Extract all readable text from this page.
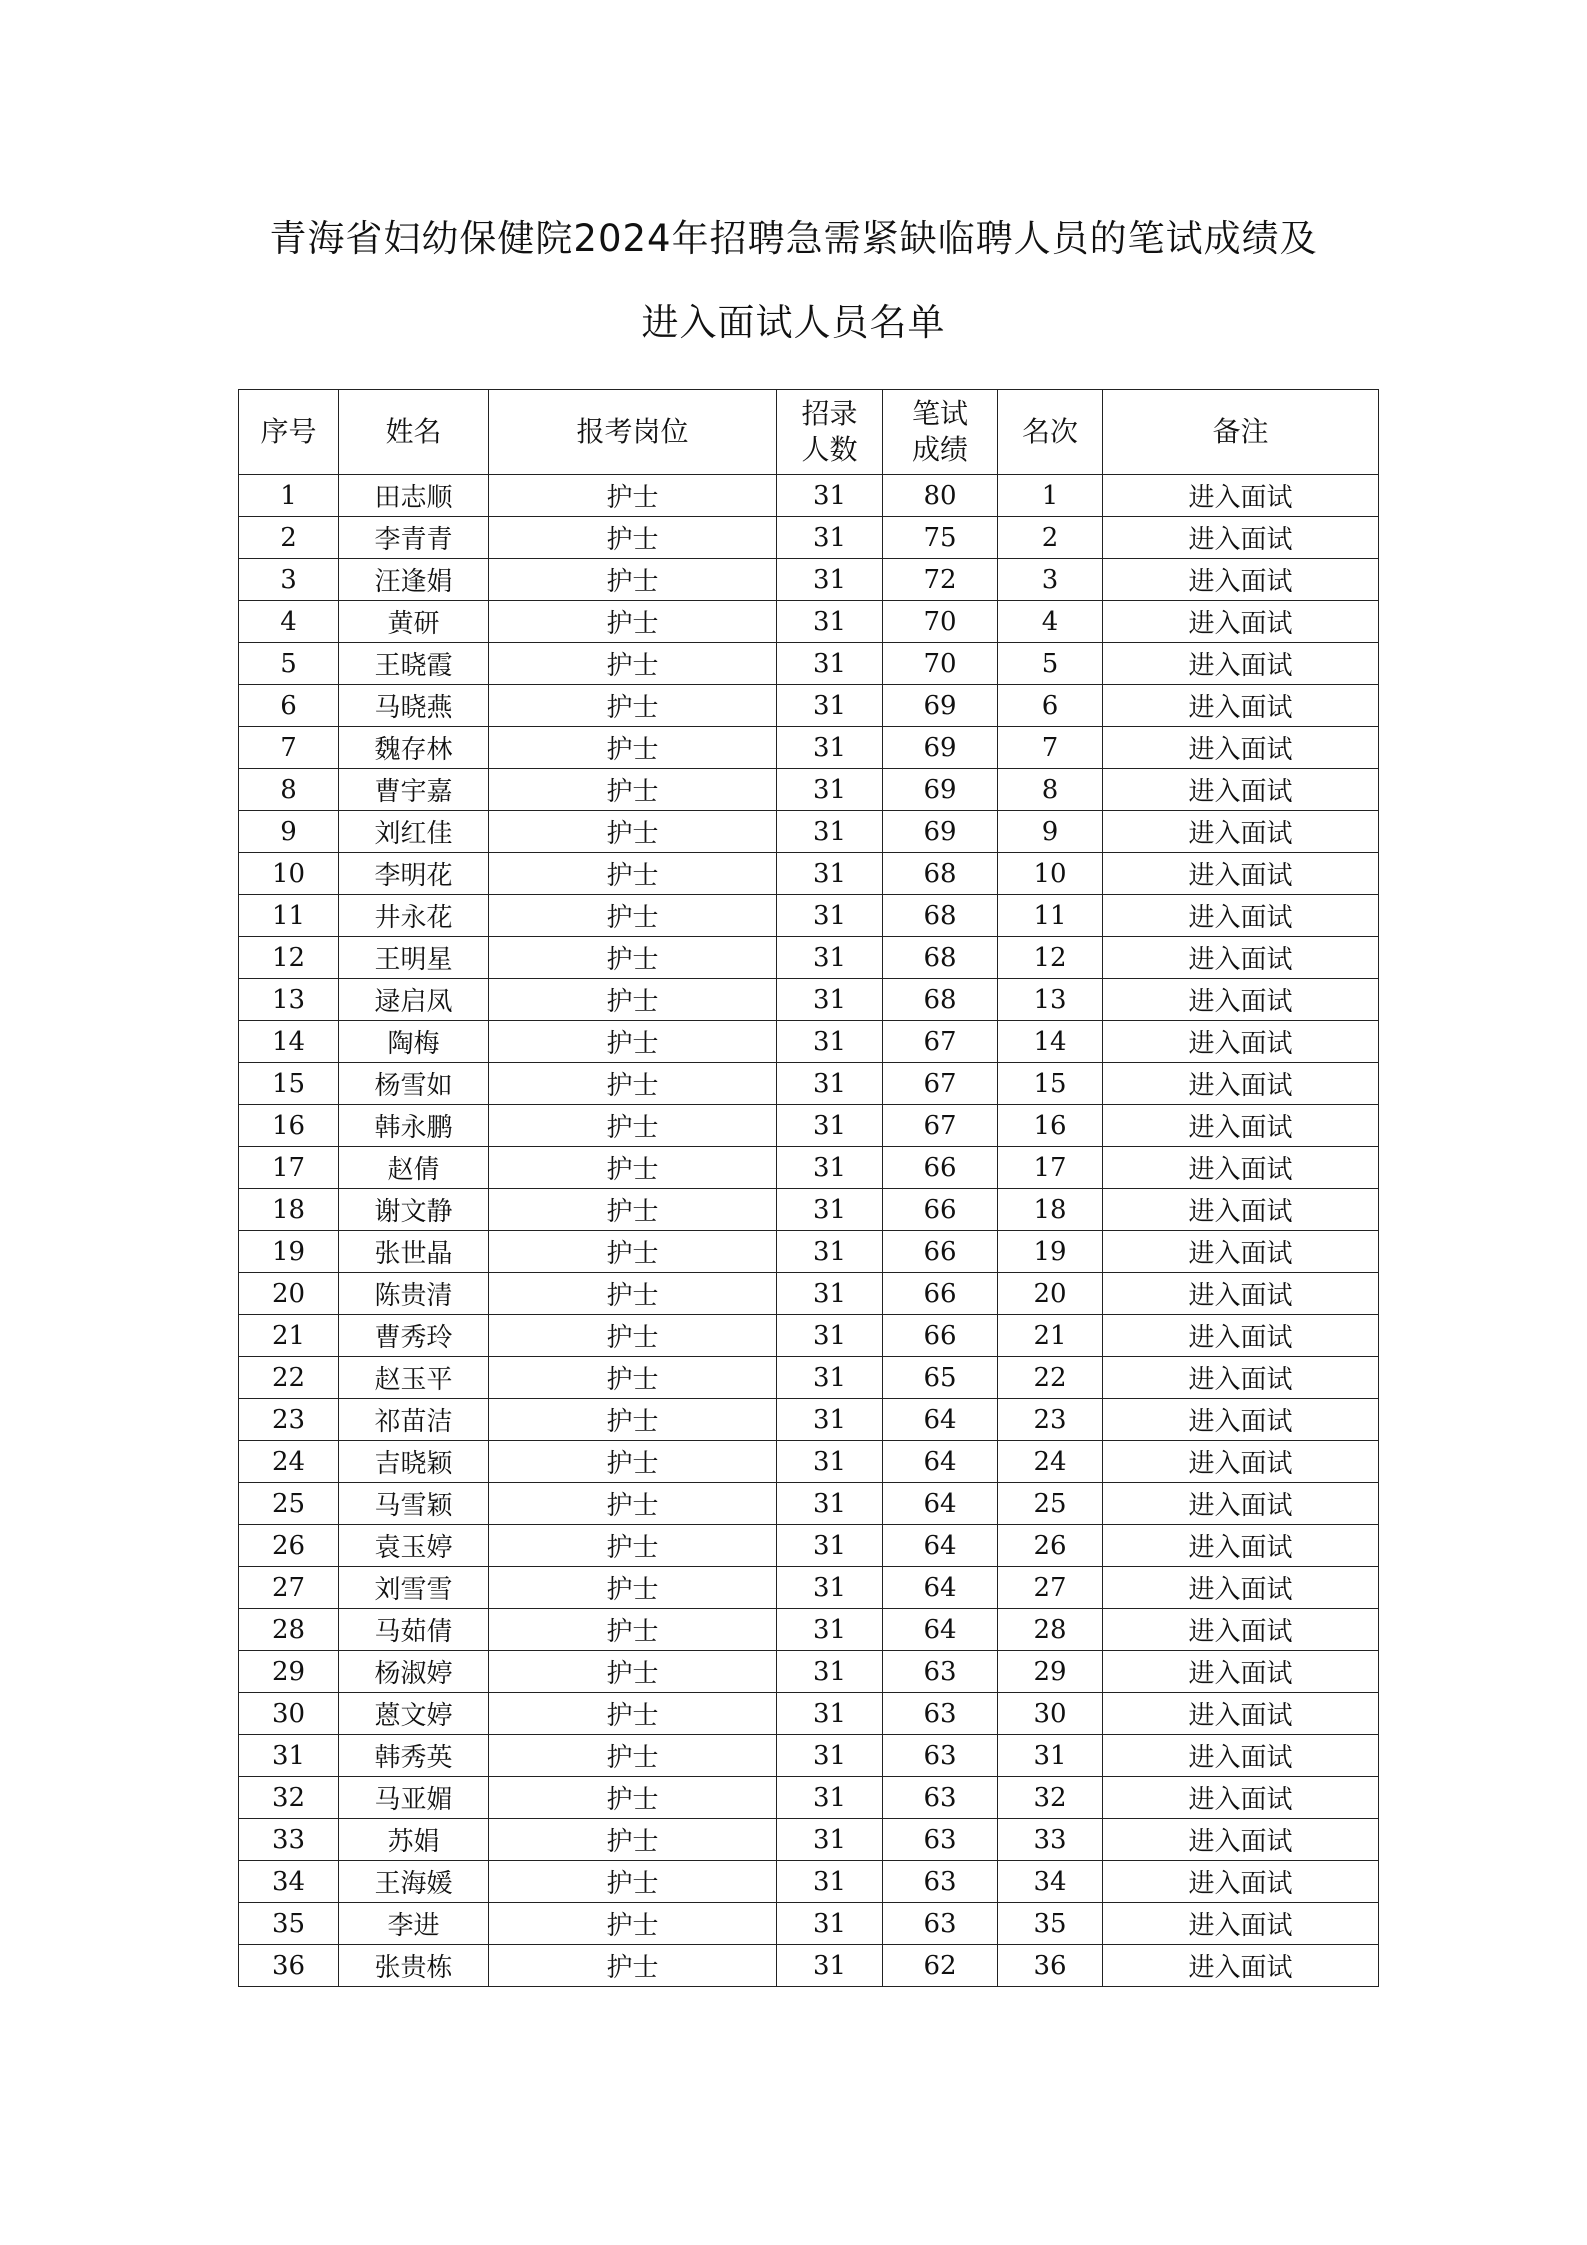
青海省妇幼保健院2024年招聘急需紧缺临聘人员的笔试成绩及
进入面试人员名单
序号	姓名	报考岗位	招录人数	笔试成绩	名次	备注
1	田志顺	护士	31	80	1	进入面试
2	李青青	护士	31	75	2	进入面试
3	汪逢娟	护士	31	72	3	进入面试
4	黄研	护士	31	70	4	进入面试
5	王晓霞	护士	31	70	5	进入面试
6	马晓燕	护士	31	69	6	进入面试
7	魏存林	护士	31	69	7	进入面试
8	曹宇嘉	护士	31	69	8	进入面试
9	刘红佳	护士	31	69	9	进入面试
10	李明花	护士	31	68	10	进入面试
11	井永花	护士	31	68	11	进入面试
12	王明星	护士	31	68	12	进入面试
13	逯启凤	护士	31	68	13	进入面试
14	陶梅	护士	31	67	14	进入面试
15	杨雪如	护士	31	67	15	进入面试
16	韩永鹏	护士	31	67	16	进入面试
17	赵倩	护士	31	66	17	进入面试
18	谢文静	护士	31	66	18	进入面试
19	张世晶	护士	31	66	19	进入面试
20	陈贵清	护士	31	66	20	进入面试
21	曹秀玲	护士	31	66	21	进入面试
22	赵玉平	护士	31	65	22	进入面试
23	祁苗洁	护士	31	64	23	进入面试
24	吉晓颖	护士	31	64	24	进入面试
25	马雪颖	护士	31	64	25	进入面试
26	袁玉婷	护士	31	64	26	进入面试
27	刘雪雪	护士	31	64	27	进入面试
28	马茹倩	护士	31	64	28	进入面试
29	杨淑婷	护士	31	63	29	进入面试
30	蒽文婷	护士	31	63	30	进入面试
31	韩秀英	护士	31	63	31	进入面试
32	马亚媚	护士	31	63	32	进入面试
33	苏娟	护士	31	63	33	进入面试
34	王海媛	护士	31	63	34	进入面试
35	李进	护士	31	63	35	进入面试
36	张贵栋	护士	31	62	36	进入面试
